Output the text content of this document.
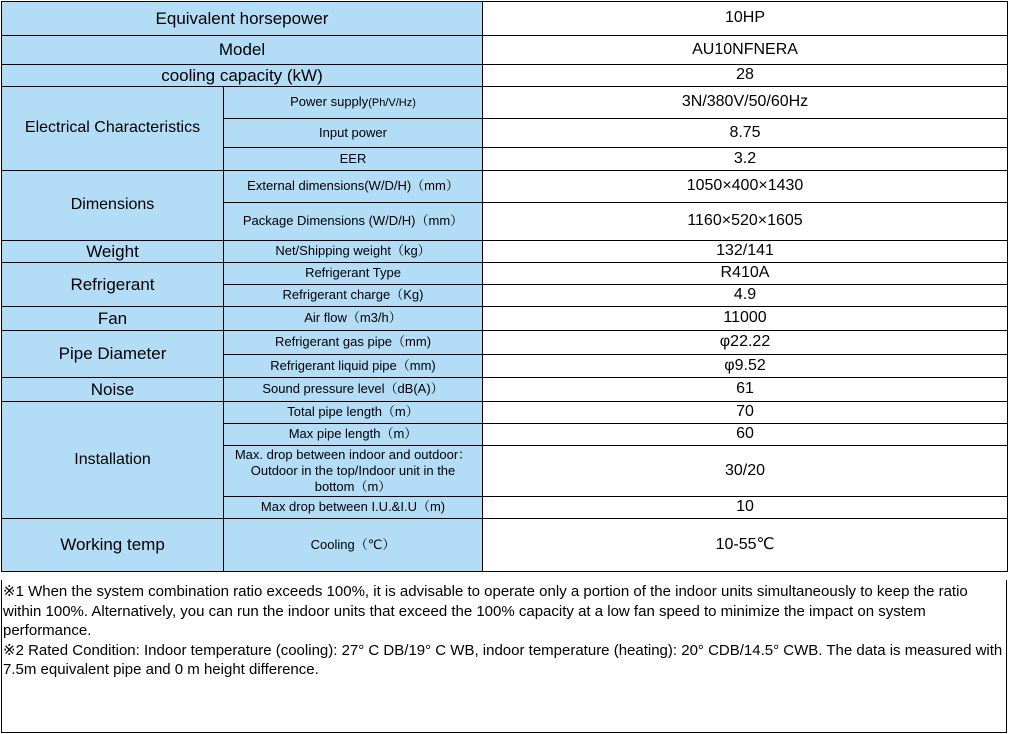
Equivalent horsepower		10HP
Model		AU10NFNERA
cooling capacity (kW)		28
Electrical Characteristics	Power supply(Ph/V/Hz)	3N/380V/50/60Hz
	Input power	8.75
	EER	3.2
Dimensions	External dimensions(W/D/H)（mm）	1050×400×1430
	Package Dimensions (W/D/H)（mm）	1160×520×1605
Weight	Net/Shipping weight（kg）	132/141
Refrigerant	Refrigerant Type	R410A
	Refrigerant charge（Kg)	4.9
Fan	Air flow（m3/h）	11000
Pipe Diameter	Refrigerant gas pipe（mm)	φ22.22
	Refrigerant liquid pipe（mm)	φ9.52
Noise	Sound pressure level（dB(A)）	61
Installation	Total pipe length（m）	70
	Max pipe length（m）	60
	Max. drop between indoor and outdoor：
Outdoor in the top/Indoor unit in the
bottom（m）	30/20
	Max drop between I.U.&I.U（m)	10
Working temp	Cooling（℃）	10-55℃

※1 When the system combination ratio exceeds 100%, it is advisable to operate only a portion of the indoor units simultaneously to keep the ratio within 100%. Alternatively, you can run the indoor units that exceed the 100% capacity at a low fan speed to minimize the impact on system performance.

※2 Rated Condition: Indoor temperature (cooling): 27° C DB/19° C WB, indoor temperature (heating): 20° CDB/14.5° CWB. The data is measured with 7.5m equivalent pipe and 0 m height difference.
